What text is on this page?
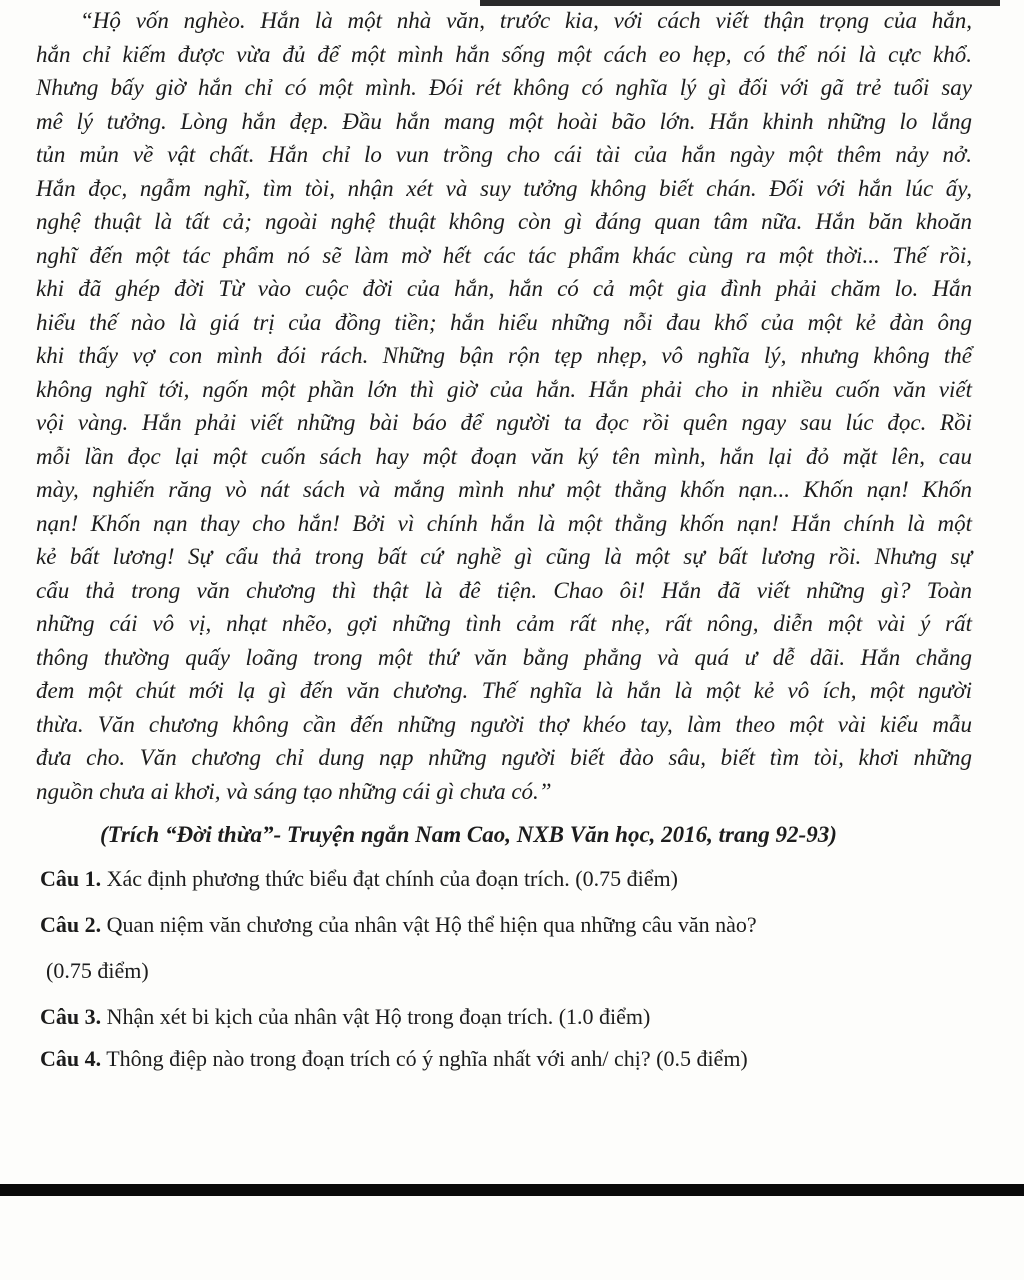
“Hộ vốn nghèo. Hắn là một nhà văn, trước kia, với cách viết thận trọng của hắn,
hắn chỉ kiếm được vừa đủ để một mình hắn sống một cách eo hẹp, có thể nói là cực khổ.
Nhưng bấy giờ hắn chỉ có một mình. Đói rét không có nghĩa lý gì đối với gã trẻ tuổi say
mê lý tưởng. Lòng hắn đẹp. Đầu hắn mang một hoài bão lớn. Hắn khinh những lo lắng
tủn mủn về vật chất. Hắn chỉ lo vun trồng cho cái tài của hắn ngày một thêm nảy nở.
Hắn đọc, ngẫm nghĩ, tìm tòi, nhận xét và suy tưởng không biết chán. Đối với hắn lúc ấy,
nghệ thuật là tất cả; ngoài nghệ thuật không còn gì đáng quan tâm nữa. Hắn băn khoăn
nghĩ đến một tác phẩm nó sẽ làm mờ hết các tác phẩm khác cùng ra một thời... Thế rồi,
khi đã ghép đời Từ vào cuộc đời của hắn, hắn có cả một gia đình phải chăm lo. Hắn
hiểu thế nào là giá trị của đồng tiền; hắn hiểu những nỗi đau khổ của một kẻ đàn ông
khi thấy vợ con mình đói rách. Những bận rộn tẹp nhẹp, vô nghĩa lý, nhưng không thể
không nghĩ tới, ngốn một phần lớn thì giờ của hắn. Hắn phải cho in nhiều cuốn văn viết
vội vàng. Hắn phải viết những bài báo để người ta đọc rồi quên ngay sau lúc đọc. Rồi
mỗi lần đọc lại một cuốn sách hay một đoạn văn ký tên mình, hắn lại đỏ mặt lên, cau
mày, nghiến răng vò nát sách và mắng mình như một thằng khốn nạn... Khốn nạn! Khốn
nạn! Khốn nạn thay cho hắn! Bởi vì chính hắn là một thằng khốn nạn! Hắn chính là một
kẻ bất lương! Sự cẩu thả trong bất cứ nghề gì cũng là một sự bất lương rồi. Nhưng sự
cẩu thả trong văn chương thì thật là đê tiện. Chao ôi! Hắn đã viết những gì? Toàn
những cái vô vị, nhạt nhẽo, gợi những tình cảm rất nhẹ, rất nông, diễn một vài ý rất
thông thường quấy loãng trong một thứ văn bằng phẳng và quá ư dễ dãi. Hắn chẳng
đem một chút mới lạ gì đến văn chương. Thế nghĩa là hắn là một kẻ vô ích, một người
thừa. Văn chương không cần đến những người thợ khéo tay, làm theo một vài kiểu mẫu
đưa cho. Văn chương chỉ dung nạp những người biết đào sâu, biết tìm tòi, khơi những
nguồn chưa ai khơi, và sáng tạo những cái gì chưa có.”
(Trích “Đời thừa”- Truyện ngắn Nam Cao, NXB Văn học, 2016, trang 92-93)
Câu 1. Xác định phương thức biểu đạt chính của đoạn trích. (0.75 điểm)
Câu 2. Quan niệm văn chương của nhân vật Hộ thể hiện qua những câu văn nào?
(0.75 điểm)
Câu 3. Nhận xét bi kịch của nhân vật Hộ trong đoạn trích. (1.0 điểm)
Câu 4. Thông điệp nào trong đoạn trích có ý nghĩa nhất với anh/ chị? (0.5 điểm)
